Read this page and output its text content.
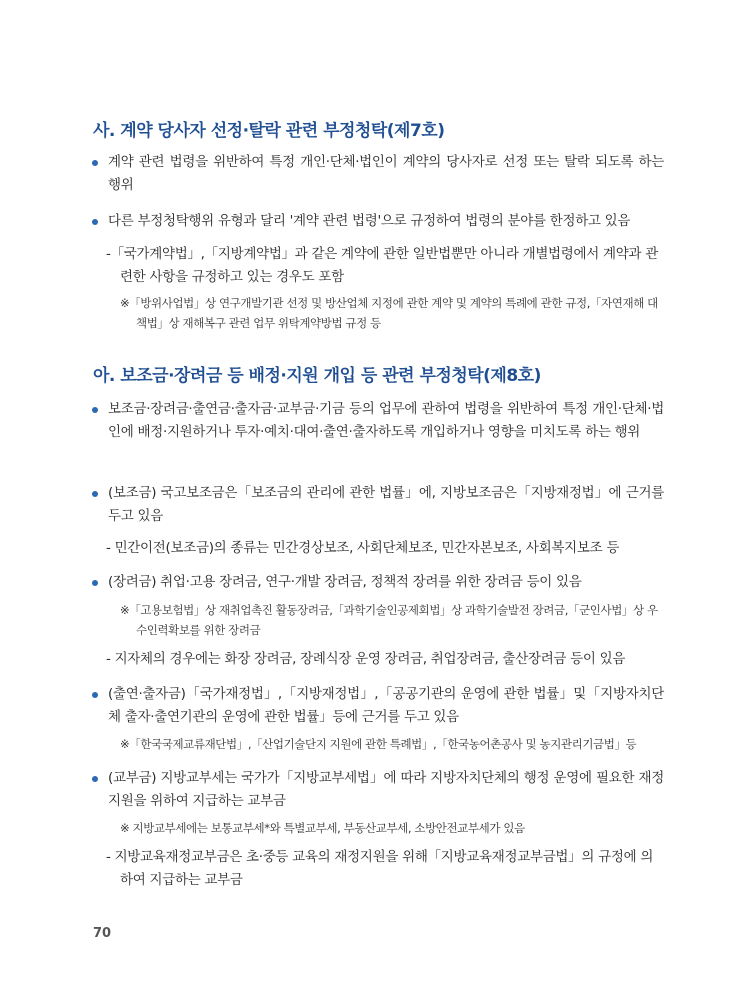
사. 계약 당사자 선정·탈락 관련 부정청탁(제7호)
계약 관련 법령을 위반하여 특정 개인·단체·법인이 계약의 당사자로 선정 또는 탈락 되도록 하는 행위
다른 부정청탁행위 유형과 달리 '계약 관련 법령'으로 규정하여 법령의 분야를 한정하고 있음
-「국가계약법」,「지방계약법」과 같은 계약에 관한 일반법뿐만 아니라 개별법령에서 계약과 관련한 사항을 규정하고 있는 경우도 포함
※「방위사업법」상 연구개발기관 선정 및 방산업체 지정에 관한 계약 및 계약의 특례에 관한 규정,「자연재해 대책법」상 재해복구 관련 업무 위탁계약방법 규정 등
아. 보조금·장려금 등 배정·지원 개입 등 관련 부정청탁(제8호)
보조금·장려금·출연금·출자금·교부금·기금 등의 업무에 관하여 법령을 위반하여 특정 개인·단체·법인에 배정·지원하거나 투자·예치·대여·출연·출자하도록 개입하거나 영향을 미치도록 하는 행위
(보조금) 국고보조금은「보조금의 관리에 관한 법률」에, 지방보조금은「지방재정법」에 근거를 두고 있음
- 민간이전(보조금)의 종류는 민간경상보조, 사회단체보조, 민간자본보조, 사회복지보조 등
(장려금) 취업·고용 장려금, 연구·개발 장려금, 정책적 장려를 위한 장려금 등이 있음
※「고용보험법」상 재취업촉진 활동장려금,「과학기술인공제회법」상 과학기술발전 장려금,「군인사법」상 우수인력확보를 위한 장려금
- 지자체의 경우에는 화장 장려금, 장례식장 운영 장려금, 취업장려금, 출산장려금 등이 있음
(출연·출자금)「국가재정법」,「지방재정법」,「공공기관의 운영에 관한 법률」및「지방자치단체 출자·출연기관의 운영에 관한 법률」등에 근거를 두고 있음
※「한국국제교류재단법」,「산업기술단지 지원에 관한 특례법」,「한국농어촌공사 및 농지관리기금법」등
(교부금) 지방교부세는 국가가「지방교부세법」에 따라 지방자치단체의 행정 운영에 필요한 재정지원을 위하여 지급하는 교부금
※ 지방교부세에는 보통교부세*와 특별교부세, 부동산교부세, 소방안전교부세가 있음
- 지방교육재정교부금은 초·중등 교육의 재정지원을 위해「지방교육재정교부금법」의 규정에 의하여 지급하는 교부금
70
